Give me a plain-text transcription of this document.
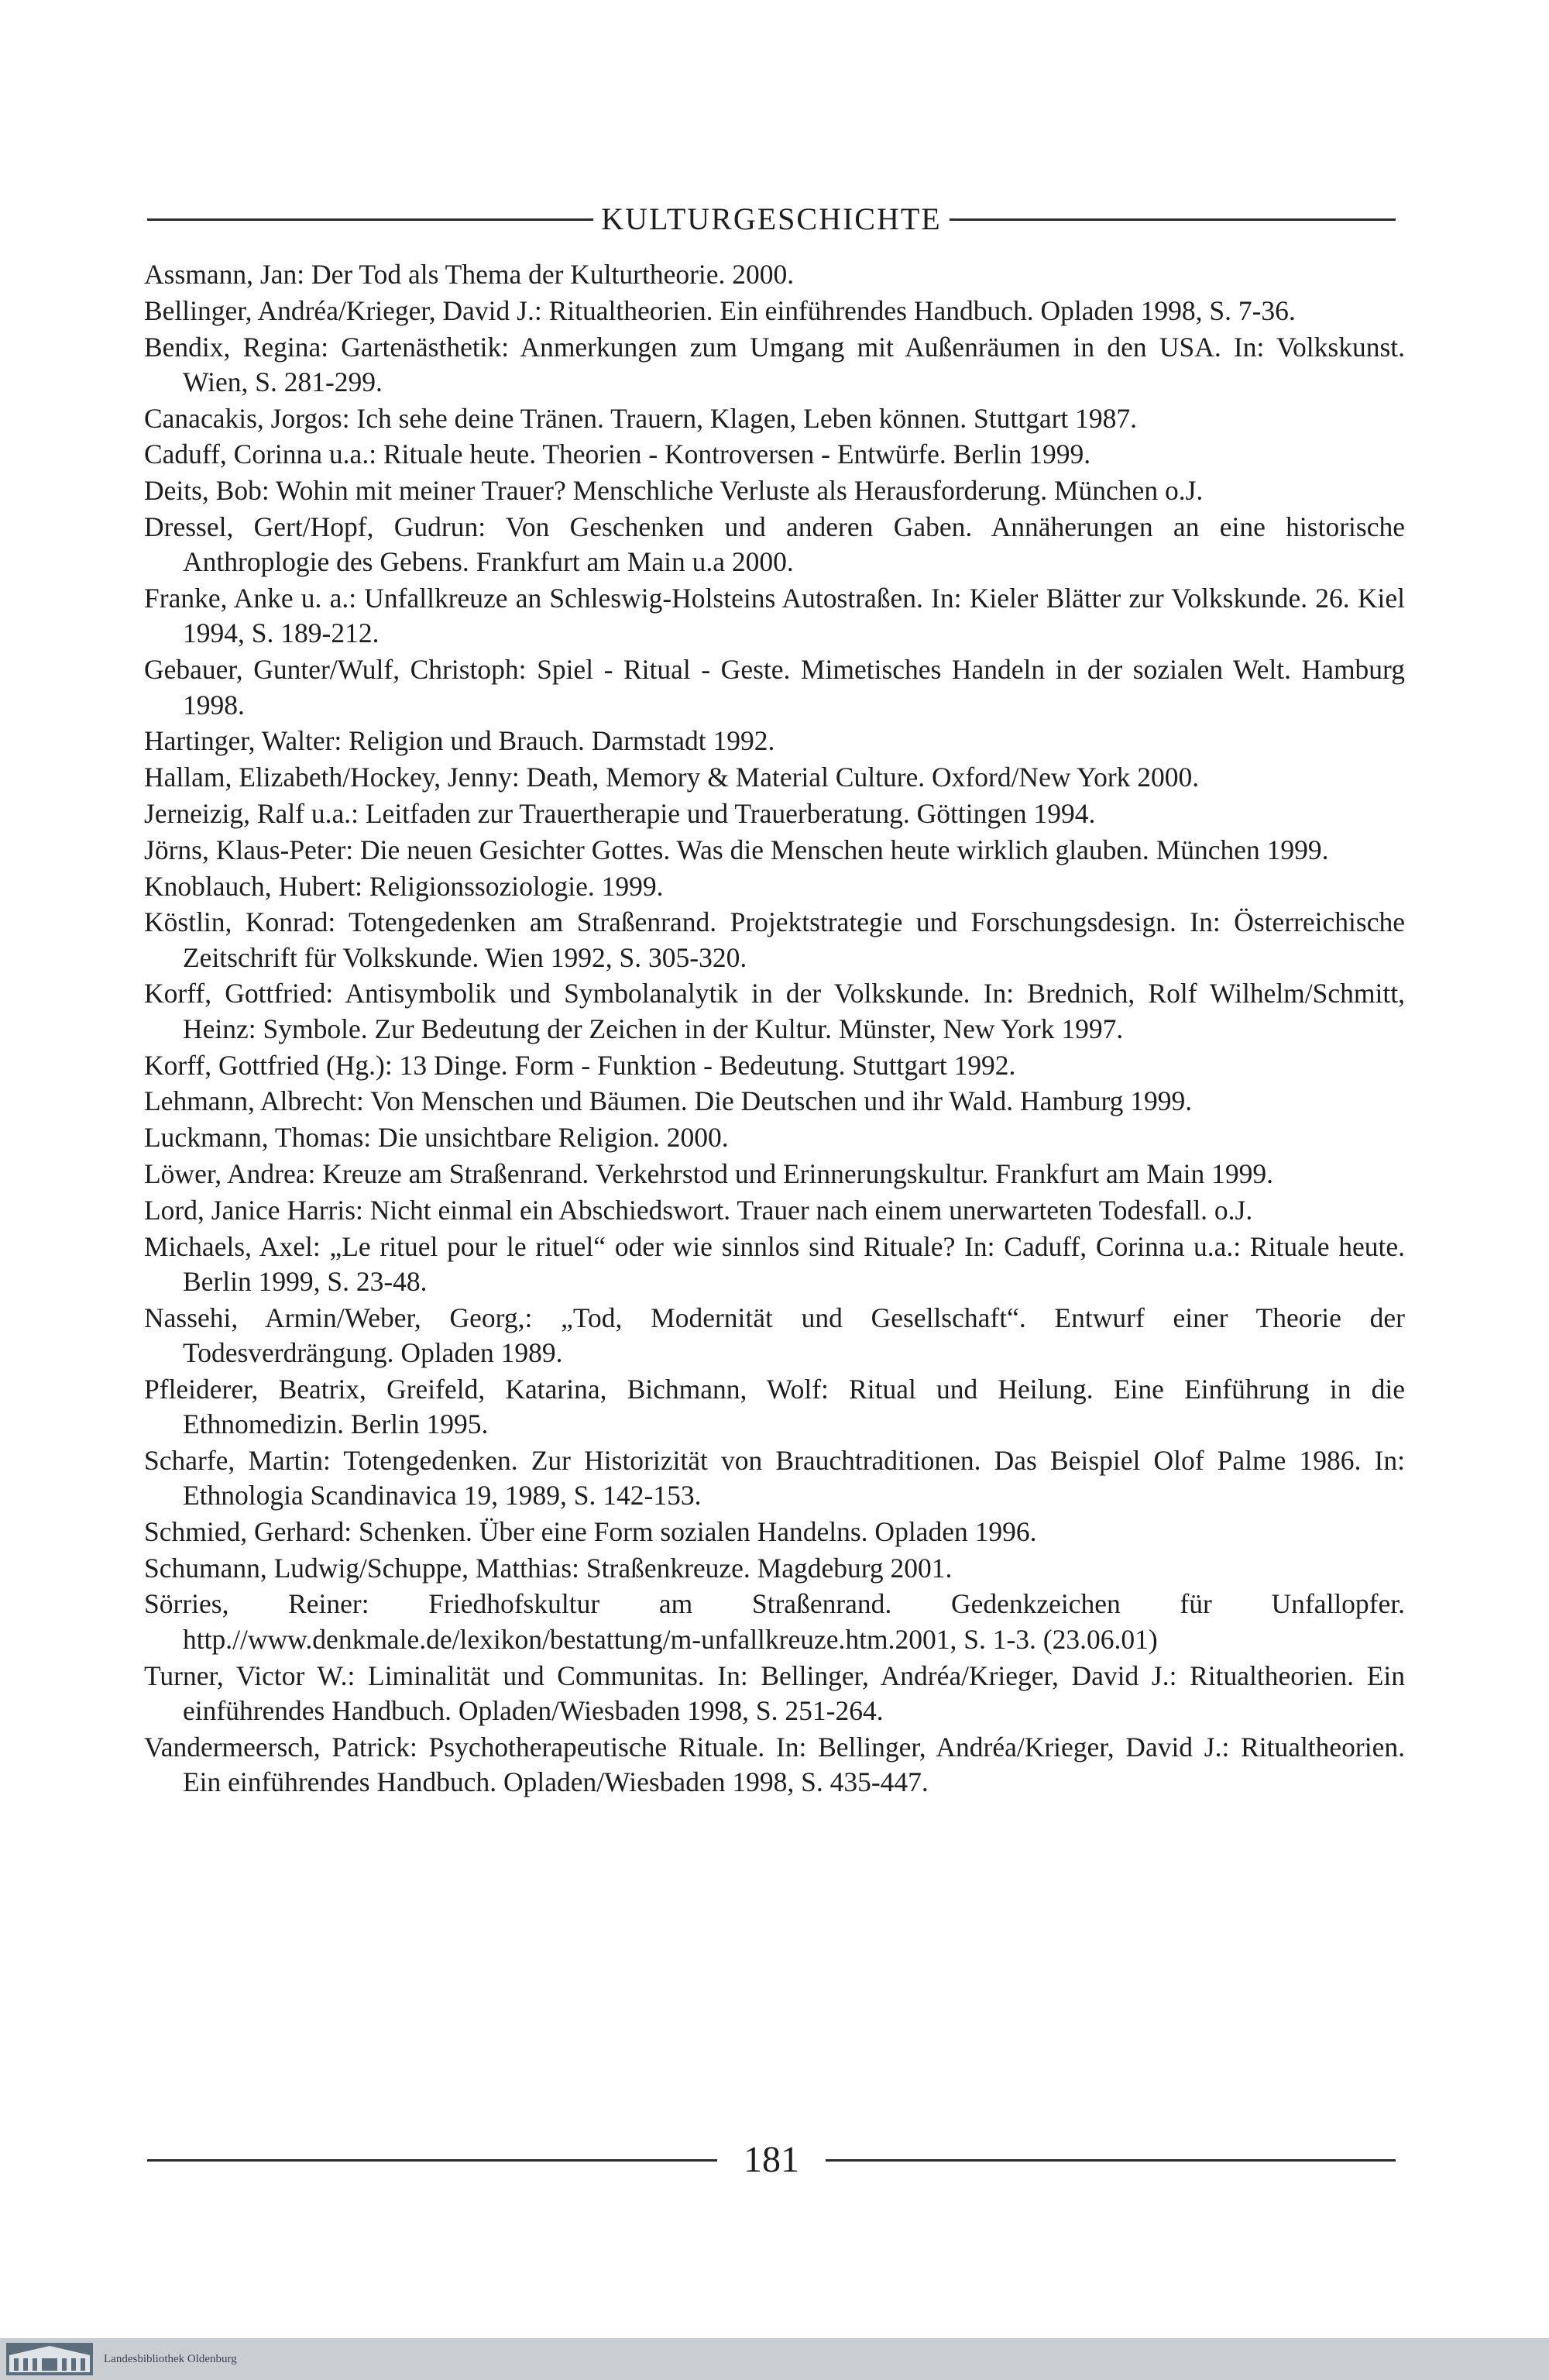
KULTURGESCHICHTE
Assmann, Jan: Der Tod als Thema der Kulturtheorie. 2000.
Bellinger, Andréa/Krieger, David J.: Ritualtheorien. Ein einführendes Handbuch. Opladen 1998, S. 7-36.
Bendix, Regina: Gartenästhetik: Anmerkungen zum Umgang mit Außenräumen in den USA. In: Volkskunst. Wien, S. 281-299.
Canacakis, Jorgos: Ich sehe deine Tränen. Trauern, Klagen, Leben können. Stuttgart 1987.
Caduff, Corinna u.a.: Rituale heute. Theorien - Kontroversen - Entwürfe. Berlin 1999.
Deits, Bob: Wohin mit meiner Trauer? Menschliche Verluste als Herausforderung. München o.J.
Dressel, Gert/Hopf, Gudrun: Von Geschenken und anderen Gaben. Annäherungen an eine historische Anthroplogie des Gebens. Frankfurt am Main u.a 2000.
Franke, Anke u. a.: Unfallkreuze an Schleswig-Holsteins Autostraßen. In: Kieler Blätter zur Volkskunde. 26. Kiel 1994, S. 189-212.
Gebauer, Gunter/Wulf, Christoph: Spiel - Ritual - Geste. Mimetisches Handeln in der sozialen Welt. Hamburg 1998.
Hartinger, Walter: Religion und Brauch. Darmstadt 1992.
Hallam, Elizabeth/Hockey, Jenny: Death, Memory & Material Culture. Oxford/New York 2000.
Jerneizig, Ralf u.a.: Leitfaden zur Trauertherapie und Trauerberatung. Göttingen 1994.
Jörns, Klaus-Peter: Die neuen Gesichter Gottes. Was die Menschen heute wirklich glauben. München 1999.
Knoblauch, Hubert: Religionssoziologie. 1999.
Köstlin, Konrad: Totengedenken am Straßenrand. Projektstrategie und Forschungsdesign. In: Österreichische Zeitschrift für Volkskunde. Wien 1992, S. 305-320.
Korff, Gottfried: Antisymbolik und Symbolanalytik in der Volkskunde. In: Brednich, Rolf Wilhelm/Schmitt, Heinz: Symbole. Zur Bedeutung der Zeichen in der Kultur. Münster, New York 1997.
Korff, Gottfried (Hg.): 13 Dinge. Form - Funktion - Bedeutung. Stuttgart 1992.
Lehmann, Albrecht: Von Menschen und Bäumen. Die Deutschen und ihr Wald. Hamburg 1999.
Luckmann, Thomas: Die unsichtbare Religion. 2000.
Löwer, Andrea: Kreuze am Straßenrand. Verkehrstod und Erinnerungskultur. Frankfurt am Main 1999.
Lord, Janice Harris: Nicht einmal ein Abschiedswort. Trauer nach einem unerwarteten Todesfall. o.J.
Michaels, Axel: „Le rituel pour le rituel“ oder wie sinnlos sind Rituale? In: Caduff, Corinna u.a.: Rituale heute. Berlin 1999, S. 23-48.
Nassehi, Armin/Weber, Georg,: „Tod, Modernität und Gesellschaft“. Entwurf einer Theorie der Todesverdrängung. Opladen 1989.
Pfleiderer, Beatrix, Greifeld, Katarina, Bichmann, Wolf: Ritual und Heilung. Eine Einführung in die Ethnomedizin. Berlin 1995.
Scharfe, Martin: Totengedenken. Zur Historizität von Brauchtraditionen. Das Beispiel Olof Palme 1986. In: Ethnologia Scandinavica 19, 1989, S. 142-153.
Schmied, Gerhard: Schenken. Über eine Form sozialen Handelns. Opladen 1996.
Schumann, Ludwig/Schuppe, Matthias: Straßenkreuze. Magdeburg 2001.
Sörries, Reiner: Friedhofskultur am Straßenrand. Gedenkzeichen für Unfallopfer. http.//www.denkmale.de/lexikon/bestattung/m-unfallkreuze.htm.2001, S. 1-3. (23.06.01)
Turner, Victor W.: Liminalität und Communitas. In: Bellinger, Andréa/Krieger, David J.: Ritualtheorien. Ein einführendes Handbuch. Opladen/Wiesbaden 1998, S. 251-264.
Vandermeersch, Patrick: Psychotherapeutische Rituale. In: Bellinger, Andréa/Krieger, David J.: Ritualtheorien. Ein einführendes Handbuch. Opladen/Wiesbaden 1998, S. 435-447.
181
Landesbibliothek Oldenburg
